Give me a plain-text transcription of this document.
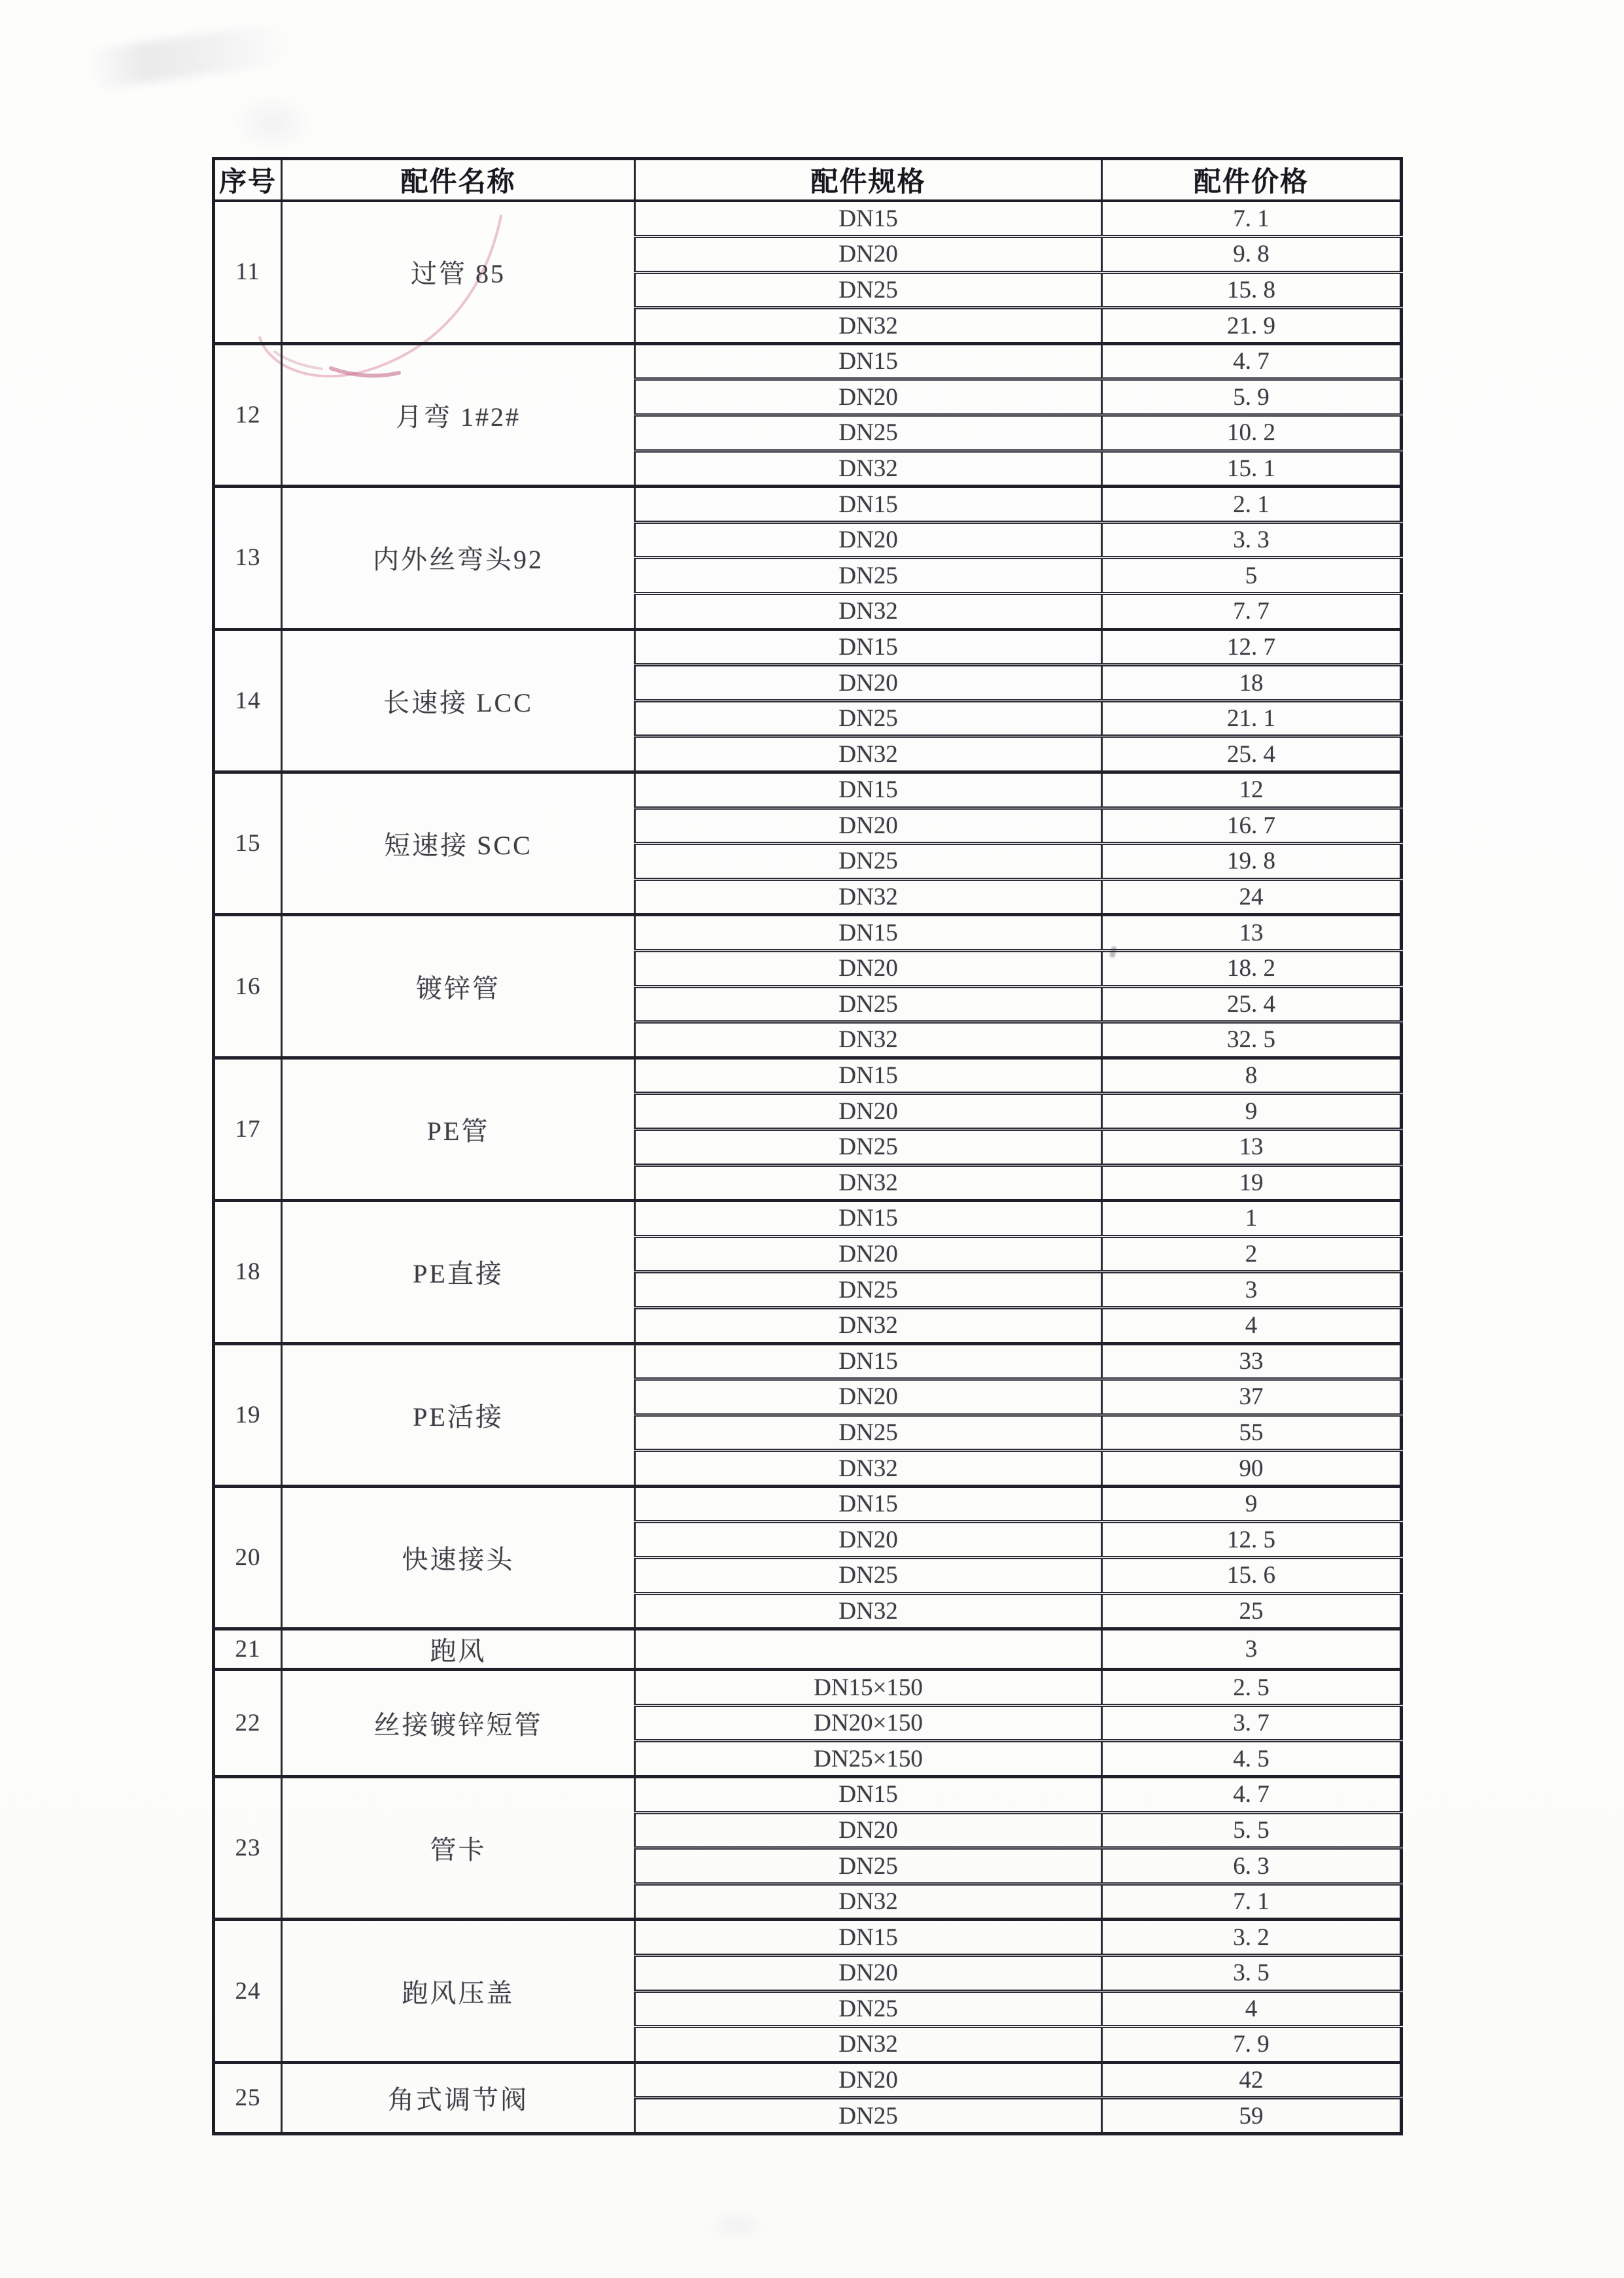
序号	配件名称	配件规格	配件价格
11	过管 85	DN15	7. 1
		DN20	9. 8
		DN25	15. 8
		DN32	21. 9
12	月弯 1#2#	DN15	4. 7
		DN20	5. 9
		DN25	10. 2
		DN32	15. 1
13	内外丝弯头92	DN15	2. 1
		DN20	3. 3
		DN25	5
		DN32	7. 7
14	长速接 LCC	DN15	12. 7
		DN20	18
		DN25	21. 1
		DN32	25. 4
15	短速接 SCC	DN15	12
		DN20	16. 7
		DN25	19. 8
		DN32	24
16	镀锌管	DN15	13
		DN20	18. 2
		DN25	25. 4
		DN32	32. 5
17	PE管	DN15	8
		DN20	9
		DN25	13
		DN32	19
18	PE直接	DN15	1
		DN20	2
		DN25	3
		DN32	4
19	PE活接	DN15	33
		DN20	37
		DN25	55
		DN32	90
20	快速接头	DN15	9
		DN20	12. 5
		DN25	15. 6
		DN32	25
21	跑风		3
22	丝接镀锌短管	DN15×150	2. 5
		DN20×150	3. 7
		DN25×150	4. 5
23	管卡	DN15	4. 7
		DN20	5. 5
		DN25	6. 3
		DN32	7. 1
24	跑风压盖	DN15	3. 2
		DN20	3. 5
		DN25	4
		DN32	7. 9
25	角式调节阀	DN20	42
		DN25	59
